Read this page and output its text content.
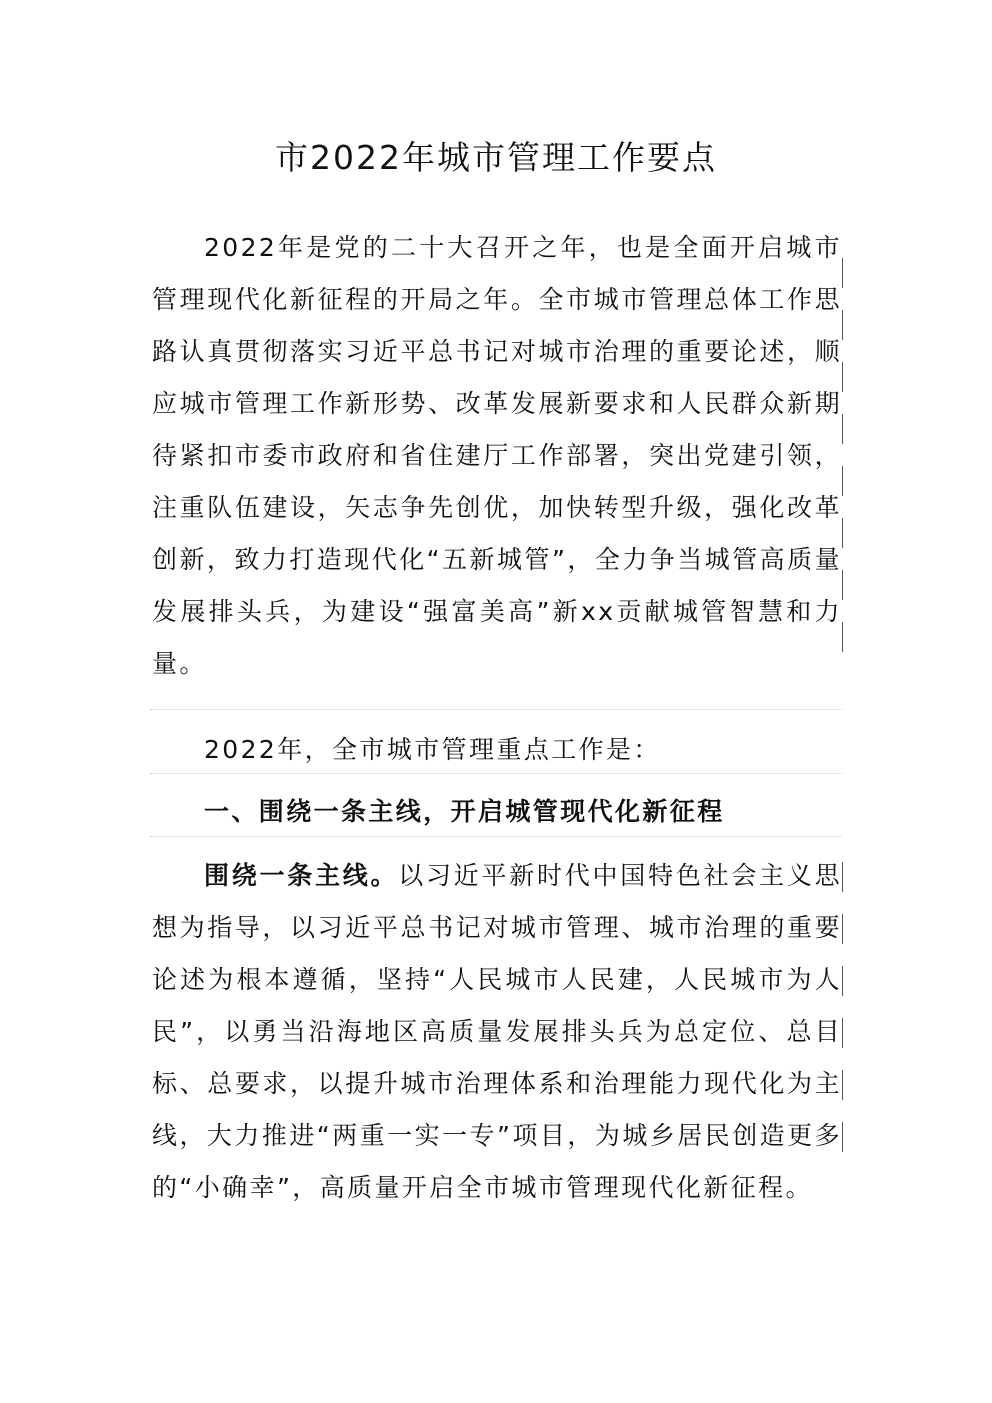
市2022年城市管理工作要点

2022年是党的二十大召开之年，也是全面开启城市管理现代化新征程的开局之年。全市城市管理总体工作思路认真贯彻落实习近平总书记对城市治理的重要论述，顺应城市管理工作新形势、改革发展新要求和人民群众新期待紧扣市委市政府和省住建厅工作部署，突出党建引领，注重队伍建设，矢志争先创优，加快转型升级，强化改革创新，致力打造现代化“五新城管”，全力争当城管高质量发展排头兵，为建设“强富美高”新xx贡献城管智慧和力量。

2022年，全市城市管理重点工作是：

一、围绕一条主线，开启城管现代化新征程

围绕一条主线。以习近平新时代中国特色社会主义思想为指导，以习近平总书记对城市管理、城市治理的重要论述为根本遵循，坚持“人民城市人民建，人民城市为人民”，以勇当沿海地区高质量发展排头兵为总定位、总目标、总要求，以提升城市治理体系和治理能力现代化为主线，大力推进“两重一实一专”项目，为城乡居民创造更多的“小确幸”，高质量开启全市城市管理现代化新征程。
